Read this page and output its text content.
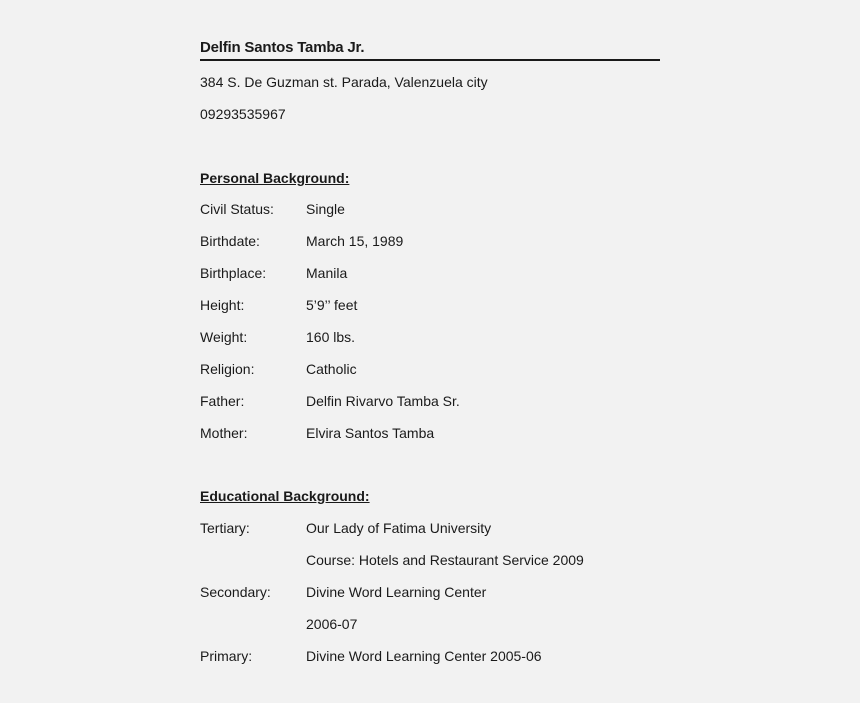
Delfin Santos Tamba Jr.
384 S. De Guzman st. Parada, Valenzuela city
09293535967
Personal Background:
Civil Status: Single
Birthdate:	March 15, 1989
Birthplace:	Manila
Height:	5’9’’ feet
Weight:	160 lbs.
Religion:	Catholic
Father:	Delfin Rivarvo Tamba Sr.
Mother:	Elvira Santos Tamba
Educational Background:
Tertiary:	Our Lady of Fatima University
Course: Hotels and Restaurant Service 2009
Secondary:	Divine Word Learning Center
2006-07
Primary:	Divine Word Learning Center 2005-06
